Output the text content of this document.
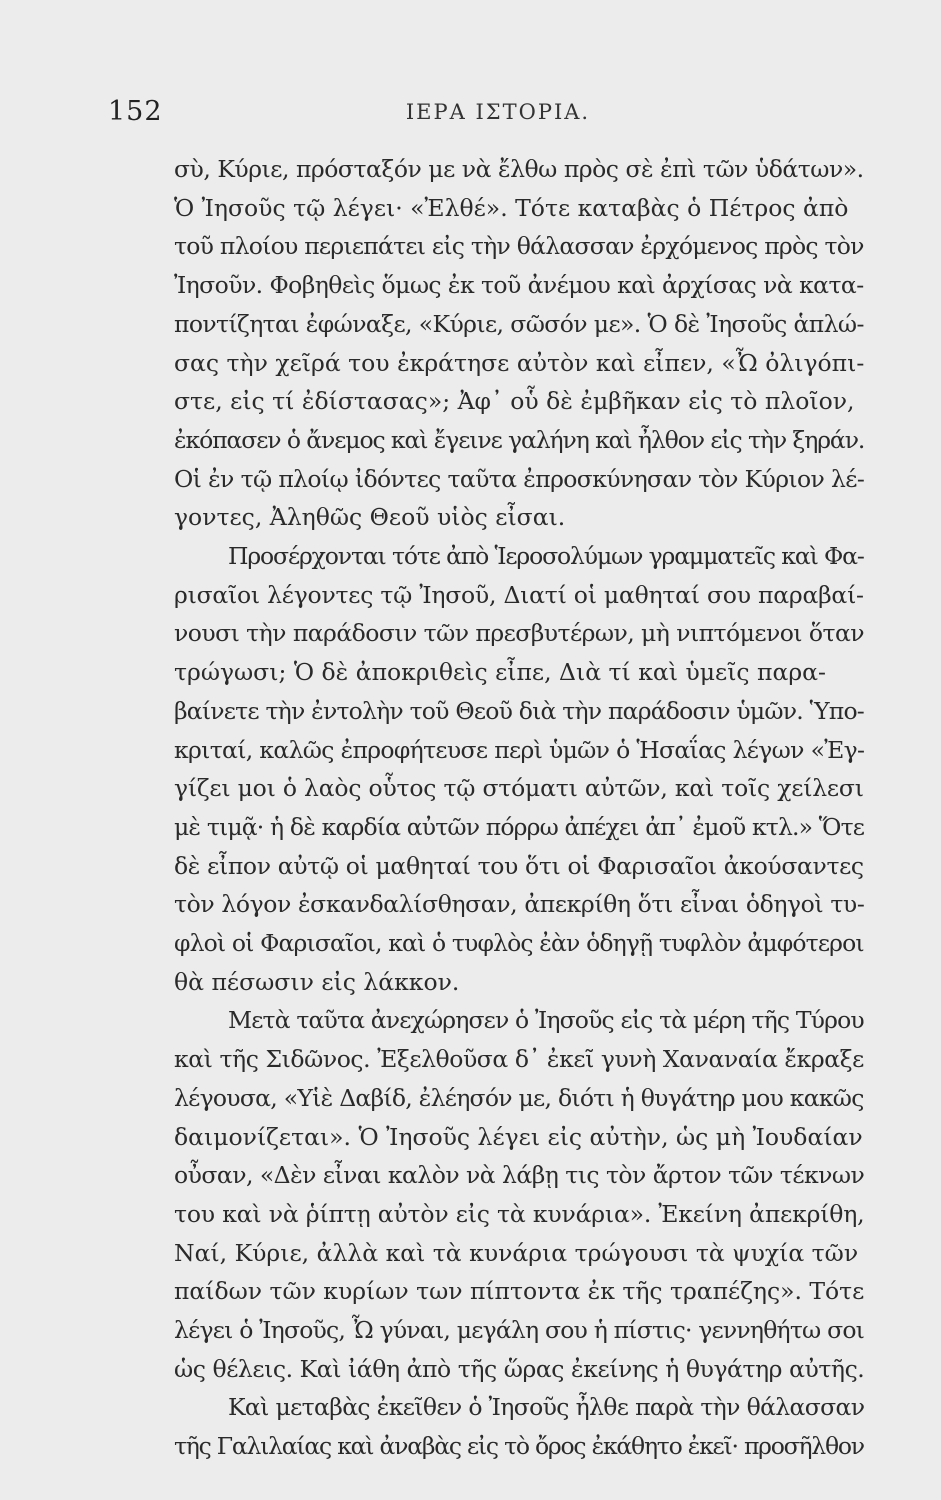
152	ΙΕΡΑ ΙΣΤΟΡΙΑ.
σὺ, Κύριε, πρόσταξόν με νὰ ἔλθω πρὸς σὲ ἐπὶ τῶν ὑδάτων».
Ὁ Ἰησοῦς τῷ λέγει· «Ἐλθέ». Τότε καταβὰς ὁ Πέτρος ἀπὸ
τοῦ πλοίου περιεπάτει εἰς τὴν θάλασσαν ἐρχόμενος πρὸς τὸν
Ἰησοῦν. Φοβηθεὶς ὅμως ἐκ τοῦ ἀνέμου καὶ ἀρχίσας νὰ κατα-
ποντίζηται ἐφώναξε, «Κύριε, σῶσόν με». Ὁ δὲ Ἰησοῦς ἁπλώ-
σας τὴν χεῖρά του ἐκράτησε αὐτὸν καὶ εἶπεν, «Ὦ ὀλιγόπι-
στε, εἰς τί ἐδίστασας»; Ἀφ᾽ οὗ δὲ ἐμβῆκαν εἰς τὸ πλοῖον,
ἐκόπασεν ὁ ἄνεμος καὶ ἔγεινε γαλήνη καὶ ἦλθον εἰς τὴν ξηράν.
Οἱ ἐν τῷ πλοίῳ ἰδόντες ταῦτα ἐπροσκύνησαν τὸν Κύριον λέ-
γοντες, Ἀληθῶς Θεοῦ υἱὸς εἶσαι.
Προσέρχονται τότε ἀπὸ Ἱεροσολύμων γραμματεῖς καὶ Φα-
ρισαῖοι λέγοντες τῷ Ἰησοῦ, Διατί οἱ μαθηταί σου παραβαί-
νουσι τὴν παράδοσιν τῶν πρεσβυτέρων, μὴ νιπτόμενοι ὅταν
τρώγωσι; Ὁ δὲ ἀποκριθεὶς εἶπε, Διὰ τί καὶ ὑμεῖς παρα-
βαίνετε τὴν ἐντολὴν τοῦ Θεοῦ διὰ τὴν παράδοσιν ὑμῶν. Ὑπο-
κριταί, καλῶς ἐπροφήτευσε περὶ ὑμῶν ὁ Ἡσαΐας λέγων «Ἐγ-
γίζει μοι ὁ λαὸς οὗτος τῷ στόματι αὐτῶν, καὶ τοῖς χείλεσι
μὲ τιμᾷ· ἡ δὲ καρδία αὐτῶν πόρρω ἀπέχει ἀπ᾽ ἐμοῦ κτλ.» Ὅτε
δὲ εἶπον αὐτῷ οἱ μαθηταί του ὅτι οἱ Φαρισαῖοι ἀκούσαντες
τὸν λόγον ἐσκανδαλίσθησαν, ἀπεκρίθη ὅτι εἶναι ὁδηγοὶ τυ-
φλοὶ οἱ Φαρισαῖοι, καὶ ὁ τυφλὸς ἐὰν ὁδηγῇ τυφλὸν ἀμφότεροι
θὰ πέσωσιν εἰς λάκκον.
Μετὰ ταῦτα ἀνεχώρησεν ὁ Ἰησοῦς εἰς τὰ μέρη τῆς Τύρου
καὶ τῆς Σιδῶνος. Ἐξελθοῦσα δ᾽ ἐκεῖ γυνὴ Χαναναία ἔκραξε
λέγουσα, «Υἱὲ Δαβίδ, ἐλέησόν με, διότι ἡ θυγάτηρ μου κακῶς
δαιμονίζεται». Ὁ Ἰησοῦς λέγει εἰς αὐτὴν, ὡς μὴ Ἰουδαίαν
οὖσαν, «Δὲν εἶναι καλὸν νὰ λάβῃ τις τὸν ἄρτον τῶν τέκνων
του καὶ νὰ ῥίπτῃ αὐτὸν εἰς τὰ κυνάρια». Ἐκείνη ἀπεκρίθη,
Ναί, Κύριε, ἀλλὰ καὶ τὰ κυνάρια τρώγουσι τὰ ψυχία τῶν
παίδων τῶν κυρίων των πίπτοντα ἐκ τῆς τραπέζης». Τότε
λέγει ὁ Ἰησοῦς, Ὦ γύναι, μεγάλη σου ἡ πίστις· γεννηθήτω σοι
ὡς θέλεις. Καὶ ἰάθη ἀπὸ τῆς ὥρας ἐκείνης ἡ θυγάτηρ αὐτῆς.
Καὶ μεταβὰς ἐκεῖθεν ὁ Ἰησοῦς ἦλθε παρὰ τὴν θάλασσαν
τῆς Γαλιλαίας καὶ ἀναβὰς εἰς τὸ ὄρος ἐκάθητο ἐκεῖ· προσῆλθον
